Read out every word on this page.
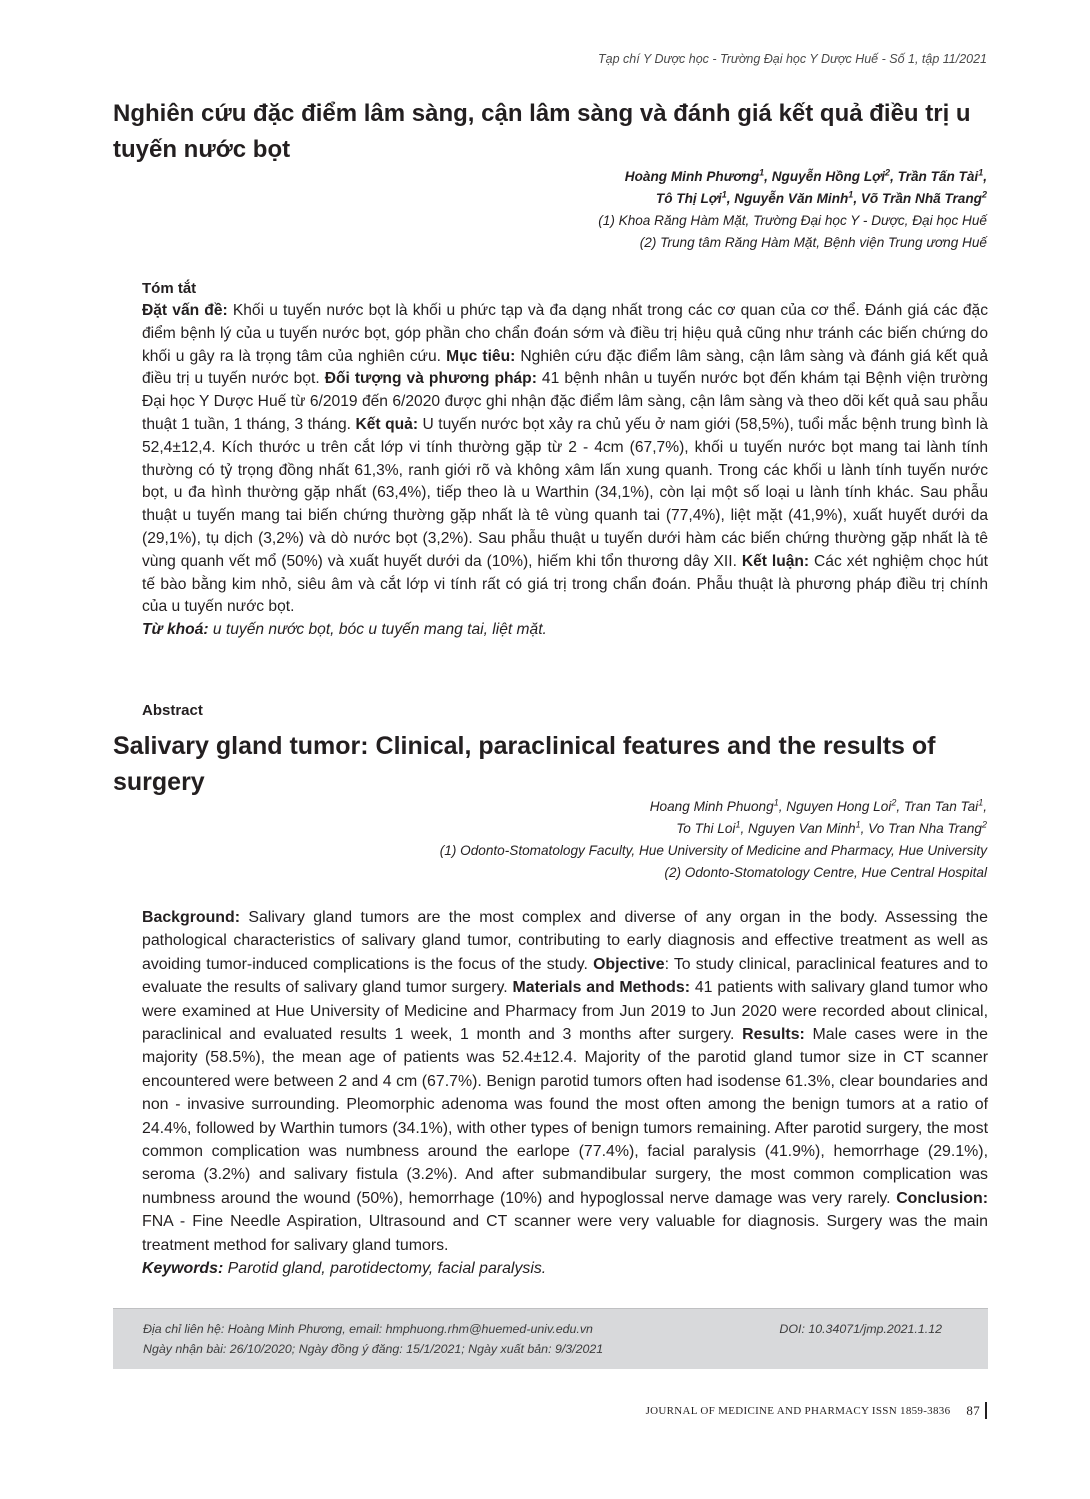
Tạp chí Y Dược học - Trường Đại học Y Dược Huế - Số 1, tập 11/2021
Nghiên cứu đặc điểm lâm sàng, cận lâm sàng và đánh giá kết quả điều trị u tuyến nước bọt
Hoàng Minh Phương$^1$, Nguyễn Hồng Lợi$^2$, Trần Tấn Tài$^1$,
Tô Thị Lợi$^1$, Nguyễn Văn Minh$^1$, Võ Trần Nhã Trang$^2$
(1) Khoa Răng Hàm Mặt, Trường Đại học Y - Dược, Đại học Huế
(2) Trung tâm Răng Hàm Mặt, Bệnh viện Trung ương Huế
Tóm tắt

Đặt vấn đề: Khối u tuyến nước bọt là khối u phức tạp và đa dạng nhất trong các cơ quan của cơ thể. Đánh giá các đặc điểm bệnh lý của u tuyến nước bọt, góp phần cho chẩn đoán sớm và điều trị hiệu quả cũng như tránh các biến chứng do khối u gây ra là trọng tâm của nghiên cứu. Mục tiêu: Nghiên cứu đặc điểm lâm sàng, cận lâm sàng và đánh giá kết quả điều trị u tuyến nước bọt. Đối tượng và phương pháp: 41 bệnh nhân u tuyến nước bọt đến khám tại Bệnh viện trường Đại học Y Dược Huế từ 6/2019 đến 6/2020 được ghi nhận đặc điểm lâm sàng, cận lâm sàng và theo dõi kết quả sau phẫu thuật 1 tuần, 1 tháng, 3 tháng. Kết quả: U tuyến nước bọt xảy ra chủ yếu ở nam giới (58,5%), tuổi mắc bệnh trung bình là 52,4±12,4. Kích thước u trên cắt lớp vi tính thường gặp từ 2 - 4cm (67,7%), khối u tuyến nước bọt mang tai lành tính thường có tỷ trọng đồng nhất 61,3%, ranh giới rõ và không xâm lấn xung quanh. Trong các khối u lành tính tuyến nước bọt, u đa hình thường gặp nhất (63,4%), tiếp theo là u Warthin (34,1%), còn lại một số loại u lành tính khác. Sau phẫu thuật u tuyến mang tai biến chứng thường gặp nhất là tê vùng quanh tai (77,4%), liệt mặt (41,9%), xuất huyết dưới da (29,1%), tụ dịch (3,2%) và dò nước bọt (3,2%). Sau phẫu thuật u tuyến dưới hàm các biến chứng thường gặp nhất là tê vùng quanh vết mổ (50%) và xuất huyết dưới da (10%), hiếm khi tổn thương dây XII. Kết luận: Các xét nghiệm chọc hút tế bào bằng kim nhỏ, siêu âm và cắt lớp vi tính rất có giá trị trong chẩn đoán. Phẫu thuật là phương pháp điều trị chính của u tuyến nước bọt.

Từ khoá: u tuyến nước bọt, bóc u tuyến mang tai, liệt mặt.

Abstract
Salivary gland tumor: Clinical, paraclinical features and the results of surgery
Hoang Minh Phuong$^1$, Nguyen Hong Loi$^2$, Tran Tan Tai$^1$,
To Thi Loi$^1$, Nguyen Van Minh$^1$, Vo Tran Nha Trang$^2$
(1) Odonto-Stomatology Faculty, Hue University of Medicine and Pharmacy, Hue University
(2) Odonto-Stomatology Centre, Hue Central Hospital

Background: Salivary gland tumors are the most complex and diverse of any organ in the body. Assessing the pathological characteristics of salivary gland tumor, contributing to early diagnosis and effective treatment as well as avoiding tumor-induced complications is the focus of the study. Objective: To study clinical, paraclinical features and to evaluate the results of salivary gland tumor surgery. Materials and Methods: 41 patients with salivary gland tumor who were examined at Hue University of Medicine and Pharmacy from Jun 2019 to Jun 2020 were recorded about clinical, paraclinical and evaluated results 1 week, 1 month and 3 months after surgery. Results: Male cases were in the majority (58.5%), the mean age of patients was 52.4±12.4. Majority of the parotid gland tumor size in CT scanner encountered were between 2 and 4 cm (67.7%). Benign parotid tumors often had isodense 61.3%, clear boundaries and non - invasive surrounding. Pleomorphic adenoma was found the most often among the benign tumors at a ratio of 24.4%, followed by Warthin tumors (34.1%), with other types of benign tumors remaining. After parotid surgery, the most common complication was numbness around the earlope (77.4%), facial paralysis (41.9%), hemorrhage (29.1%), seroma (3.2%) and salivary fistula (3.2%). And after submandibular surgery, the most common complication was numbness around the wound (50%), hemorrhage (10%) and hypoglossal nerve damage was very rarely. Conclusion: FNA - Fine Needle Aspiration, Ultrasound and CT scanner were very valuable for diagnosis. Surgery was the main treatment method for salivary gland tumors.

Keywords: Parotid gland, parotidectomy, facial paralysis.

Địa chỉ liên hệ: Hoàng Minh Phương, email: hmphuong.rhm@huemed-univ.edu.vn	DOI: 10.34071/jmp.2021.1.12
Ngày nhận bài: 26/10/2020; Ngày đồng ý đăng: 15/1/2021; Ngày xuất bản: 9/3/2021
JOURNAL OF MEDICINE AND PHARMACY ISSN 1859-3836 87
